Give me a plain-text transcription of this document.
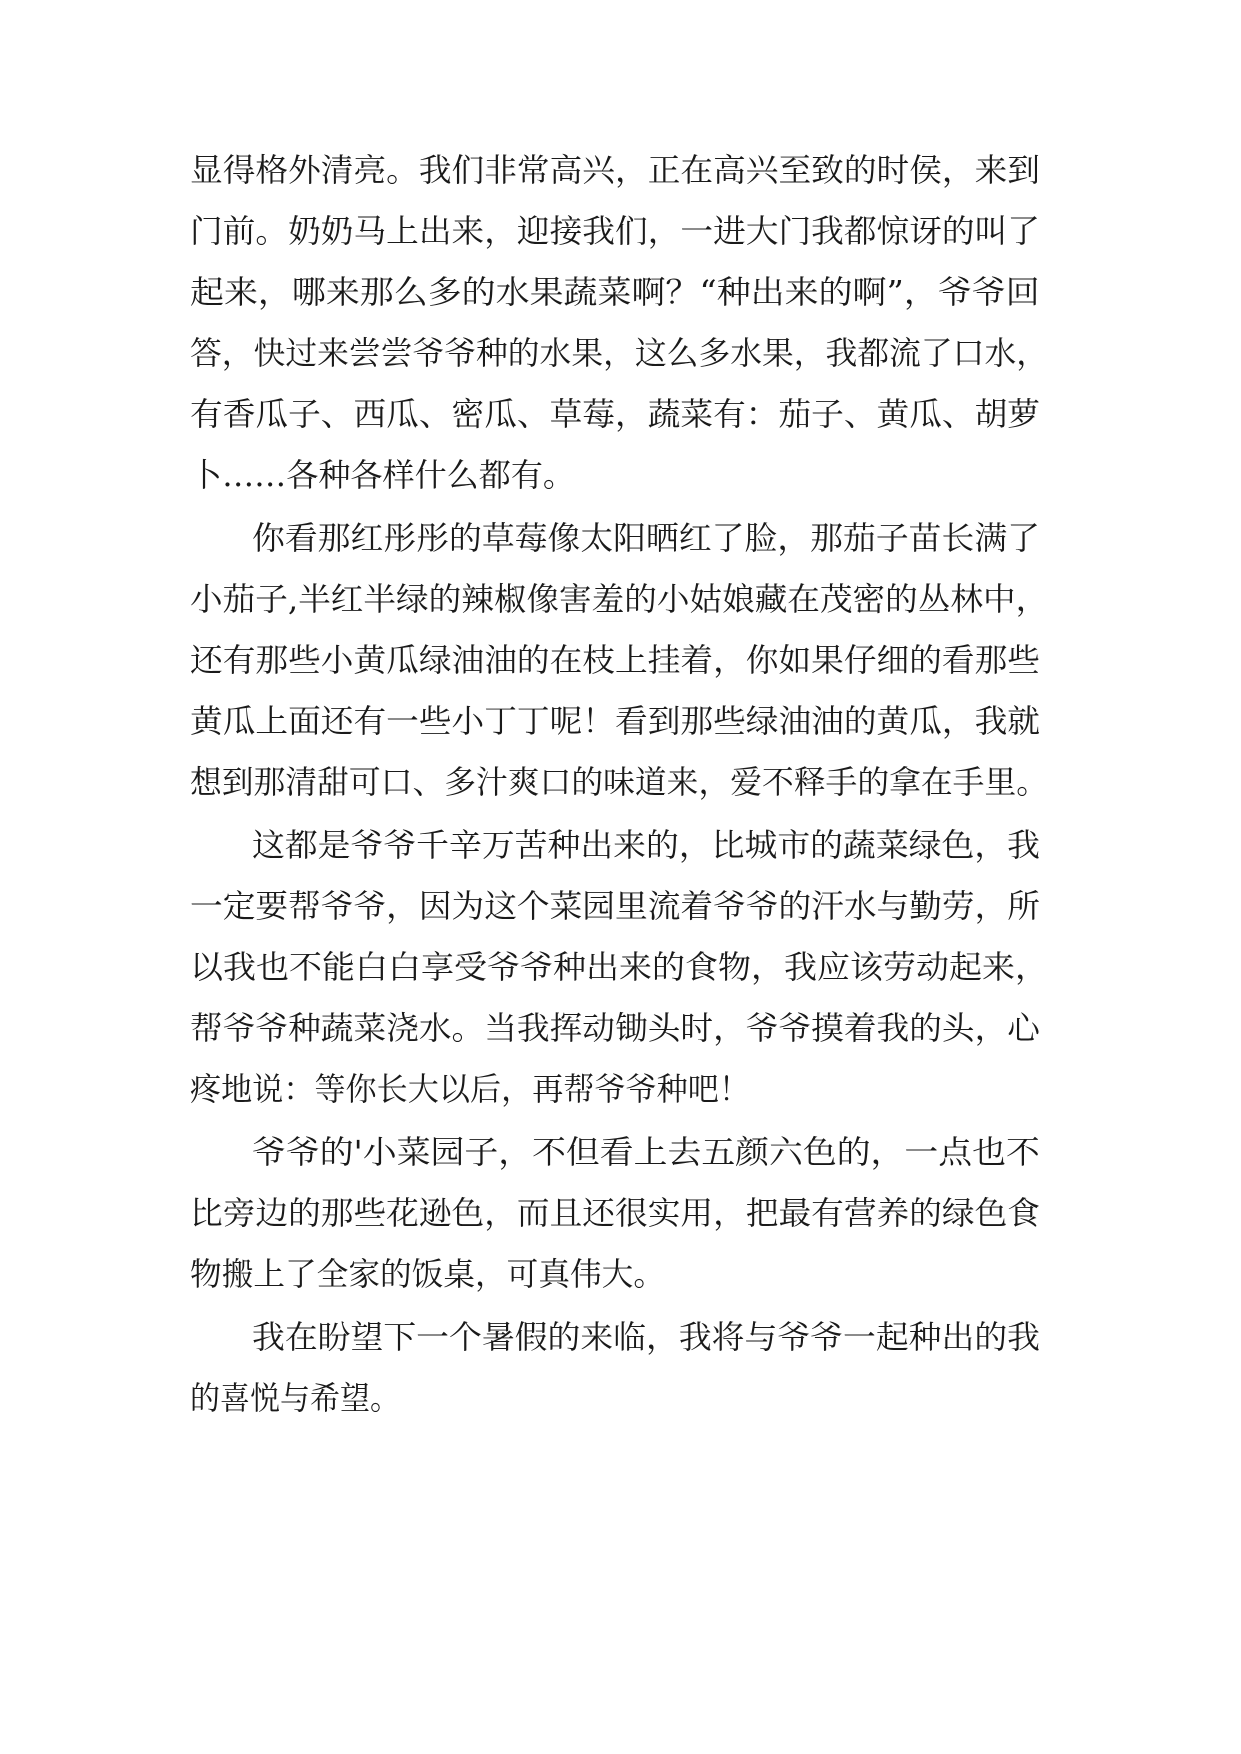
显得格外清亮。我们非常高兴，正在高兴至致的时侯，来到
门前。奶奶马上出来，迎接我们，一进大门我都惊讶的叫了
起来，哪来那么多的水果蔬菜啊？“种出来的啊”，爷爷回
答，快过来尝尝爷爷种的水果，这么多水果，我都流了口水，
有香瓜子、西瓜、密瓜、草莓，蔬菜有：茄子、黄瓜、胡萝
卜……各种各样什么都有。
你看那红彤彤的草莓像太阳晒红了脸，那茄子苗长满了
小茄子,半红半绿的辣椒像害羞的小姑娘藏在茂密的丛林中，
还有那些小黄瓜绿油油的在枝上挂着，你如果仔细的看那些
黄瓜上面还有一些小丁丁呢！看到那些绿油油的黄瓜，我就
想到那清甜可口、多汁爽口的味道来，爱不释手的拿在手里。
这都是爷爷千辛万苦种出来的，比城市的蔬菜绿色，我
一定要帮爷爷，因为这个菜园里流着爷爷的汗水与勤劳，所
以我也不能白白享受爷爷种出来的食物，我应该劳动起来，
帮爷爷种蔬菜浇水。当我挥动锄头时，爷爷摸着我的头，心
疼地说：等你长大以后，再帮爷爷种吧！
爷爷的'小菜园子，不但看上去五颜六色的，一点也不
比旁边的那些花逊色，而且还很实用，把最有营养的绿色食
物搬上了全家的饭桌，可真伟大。
我在盼望下一个暑假的来临，我将与爷爷一起种出的我
的喜悦与希望。
